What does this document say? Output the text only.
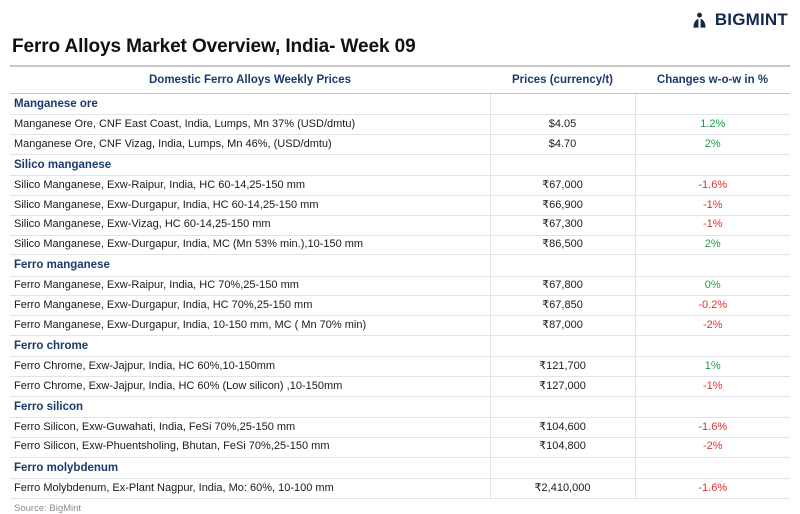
BIGMINT
Ferro Alloys Market Overview, India- Week 09
Domestic Ferro Alloys Weekly Prices	Prices (currency/t)	Changes w-o-w in %
Manganese ore		
Manganese Ore, CNF East Coast, India, Lumps, Mn 37% (USD/dmtu)	$4.05	1.2%
Manganese Ore, CNF Vizag, India, Lumps, Mn 46%, (USD/dmtu)	$4.70	2%
Silico manganese		
Silico Manganese, Exw-Raipur, India, HC 60-14,25-150 mm	₹67,000	-1.6%
Silico Manganese, Exw-Durgapur, India, HC 60-14,25-150 mm	₹66,900	-1%
Silico Manganese, Exw-Vizag, HC 60-14,25-150 mm	₹67,300	-1%
Silico Manganese, Exw-Durgapur, India, MC (Mn 53% min.),10-150 mm	₹86,500	2%
Ferro manganese		
Ferro Manganese, Exw-Raipur, India, HC 70%,25-150 mm	₹67,800	0%
Ferro Manganese, Exw-Durgapur, India, HC 70%,25-150 mm	₹67,850	-0.2%
Ferro Manganese, Exw-Durgapur, India, 10-150 mm, MC ( Mn 70% min)	₹87,000	-2%
Ferro chrome		
Ferro Chrome, Exw-Jajpur, India, HC 60%,10-150mm	₹121,700	1%
Ferro Chrome, Exw-Jajpur, India, HC 60% (Low silicon) ,10-150mm	₹127,000	-1%
Ferro silicon		
Ferro Silicon, Exw-Guwahati, India, FeSi 70%,25-150 mm	₹104,600	-1.6%
Ferro Silicon, Exw-Phuentsholing, Bhutan, FeSi 70%,25-150 mm	₹104,800	-2%
Ferro molybdenum		
Ferro Molybdenum, Ex-Plant Nagpur, India, Mo: 60%, 10-100 mm	₹2,410,000	-1.6%
Source: BigMint
